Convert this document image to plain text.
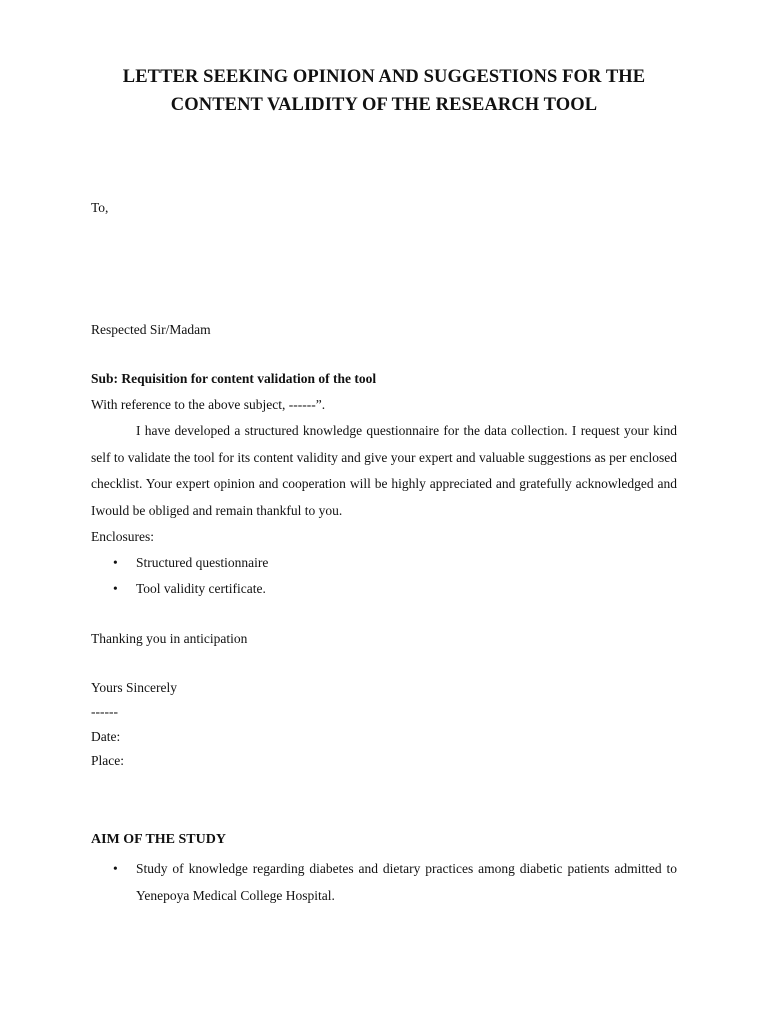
LETTER SEEKING OPINION AND SUGGESTIONS FOR THE
CONTENT VALIDITY OF THE RESEARCH TOOL
To,
Respected Sir/Madam
Sub: Requisition for content validation of the tool
With reference to the above subject, ------”.
I have developed a structured knowledge questionnaire for the data collection. I request your kind self to validate the tool for its content validity and give your expert and valuable suggestions as per enclosed checklist. Your expert opinion and cooperation will be highly appreciated and gratefully acknowledged and Iwould be obliged and remain thankful to you.
Enclosures:
•	Structured questionnaire
•	Tool validity certificate.
Thanking you in anticipation
Yours Sincerely
------
Date:
Place:
AIM OF THE STUDY
•	Study of knowledge regarding diabetes and dietary practices among diabetic patients admitted to Yenepoya Medical College Hospital.
